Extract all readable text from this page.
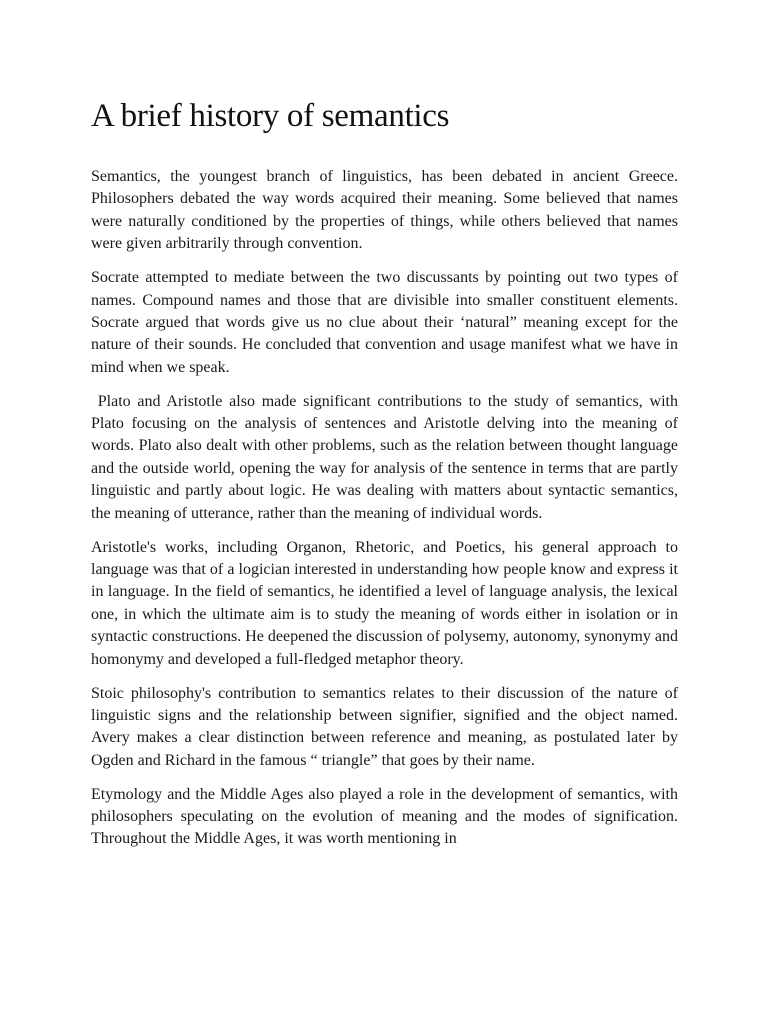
A brief history of semantics

Semantics, the youngest branch of linguistics, has been debated in ancient Greece. Philosophers debated the way words acquired their meaning. Some believed that names were naturally conditioned by the properties of things, while others believed that names were given arbitrarily through convention.

Socrate attempted to mediate between the two discussants by pointing out two types of names. Compound names and those that are divisible into smaller constituent elements. Socrate argued that words give us no clue about their ‘natural” meaning except for the nature of their sounds. He concluded that convention and usage manifest what we have in mind when we speak.

Plato and Aristotle also made significant contributions to the study of semantics, with Plato focusing on the analysis of sentences and Aristotle delving into the meaning of words. Plato also dealt with other problems, such as the relation between thought language and the outside world, opening the way for analysis of the sentence in terms that are partly linguistic and partly about logic. He was dealing with matters about syntactic semantics, the meaning of utterance, rather than the meaning of individual words.

Aristotle's works, including Organon, Rhetoric, and Poetics, his general approach to language was that of a logician interested in understanding how people know and express it in language. In the field of semantics, he identified a level of language analysis, the lexical one, in which the ultimate aim is to study the meaning of words either in isolation or in syntactic constructions. He deepened the discussion of polysemy, autonomy, synonymy and homonymy and developed a full-fledged metaphor theory.

Stoic philosophy's contribution to semantics relates to their discussion of the nature of linguistic signs and the relationship between signifier, signified and the object named. Avery makes a clear distinction between reference and meaning, as postulated later by Ogden and Richard in the famous “ triangle” that goes by their name.

Etymology and the Middle Ages also played a role in the development of semantics, with philosophers speculating on the evolution of meaning and the modes of signification. Throughout the Middle Ages, it was worth mentioning in
